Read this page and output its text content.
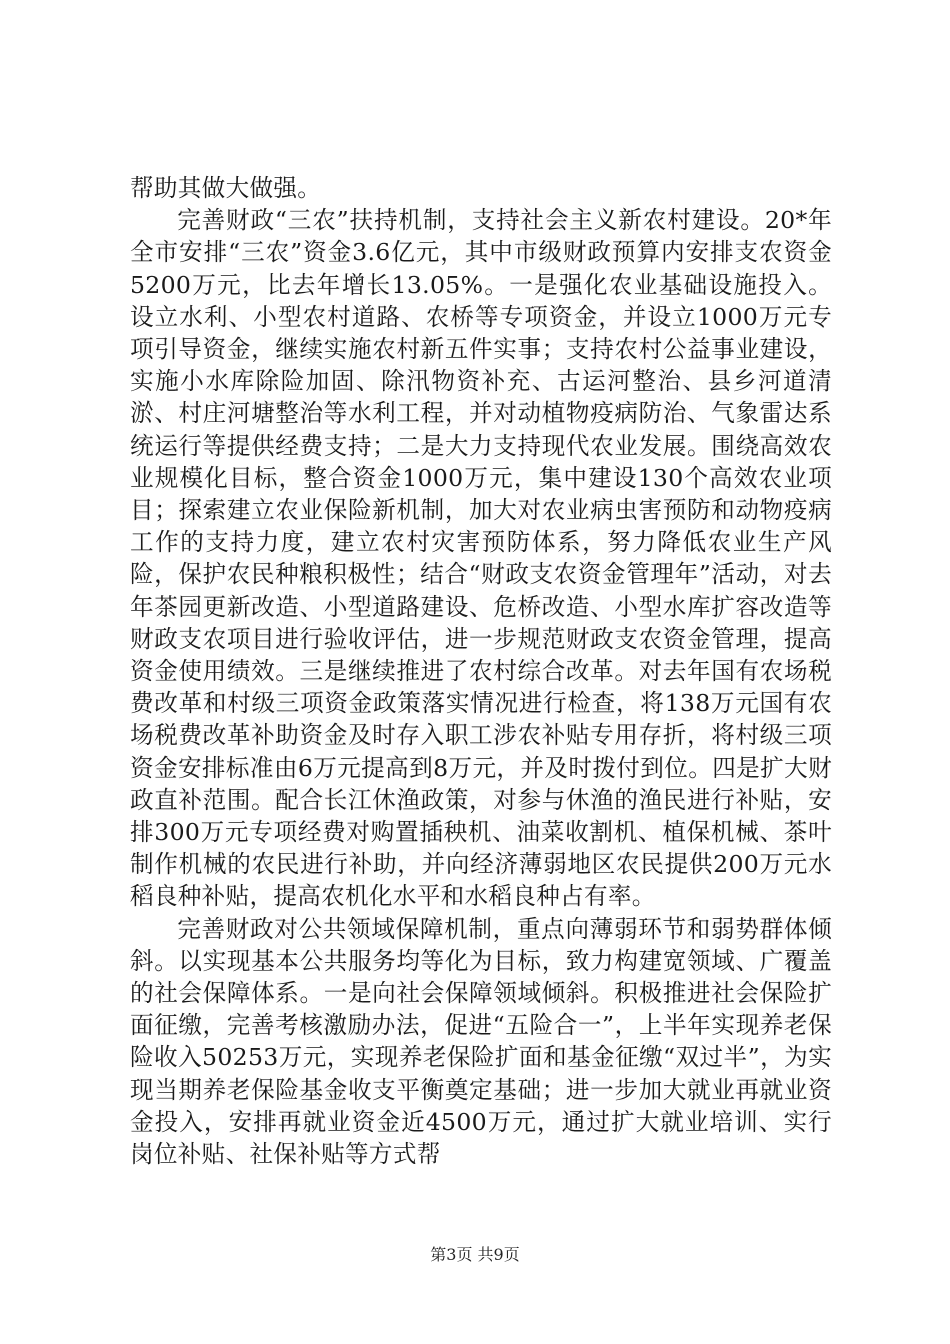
帮助其做大做强。

完善财政“三农”扶持机制，支持社会主义新农村建设。20*年全市安排“三农”资金3.6亿元，其中市级财政预算内安排支农资金5200万元，比去年增长13.05%。一是强化农业基础设施投入。设立水利、小型农村道路、农桥等专项资金，并设立1000万元专项引导资金，继续实施农村新五件实事；支持农村公益事业建设，实施小水库除险加固、除汛物资补充、古运河整治、县乡河道清淤、村庄河塘整治等水利工程，并对动植物疫病防治、气象雷达系统运行等提供经费支持；二是大力支持现代农业发展。围绕高效农业规模化目标，整合资金1000万元，集中建设130个高效农业项目；探索建立农业保险新机制，加大对农业病虫害预防和动物疫病工作的支持力度，建立农村灾害预防体系，努力降低农业生产风险，保护农民种粮积极性；结合“财政支农资金管理年”活动，对去年茶园更新改造、小型道路建设、危桥改造、小型水库扩容改造等财政支农项目进行验收评估，进一步规范财政支农资金管理，提高资金使用绩效。三是继续推进了农村综合改革。对去年国有农场税费改革和村级三项资金政策落实情况进行检查，将138万元国有农场税费改革补助资金及时存入职工涉农补贴专用存折，将村级三项资金安排标准由6万元提高到8万元，并及时拨付到位。四是扩大财政直补范围。配合长江休渔政策，对参与休渔的渔民进行补贴，安排300万元专项经费对购置插秧机、油菜收割机、植保机械、茶叶制作机械的农民进行补助，并向经济薄弱地区农民提供200万元水稻良种补贴，提高农机化水平和水稻良种占有率。

完善财政对公共领域保障机制，重点向薄弱环节和弱势群体倾斜。以实现基本公共服务均等化为目标，致力构建宽领域、广覆盖的社会保障体系。一是向社会保障领域倾斜。积极推进社会保险扩面征缴，完善考核激励办法，促进“五险合一”，上半年实现养老保险收入50253万元，实现养老保险扩面和基金征缴“双过半”，为实现当期养老保险基金收支平衡奠定基础；进一步加大就业再就业资金投入，安排再就业资金近4500万元，通过扩大就业培训、实行岗位补贴、社保补贴等方式帮

第3页 共9页
